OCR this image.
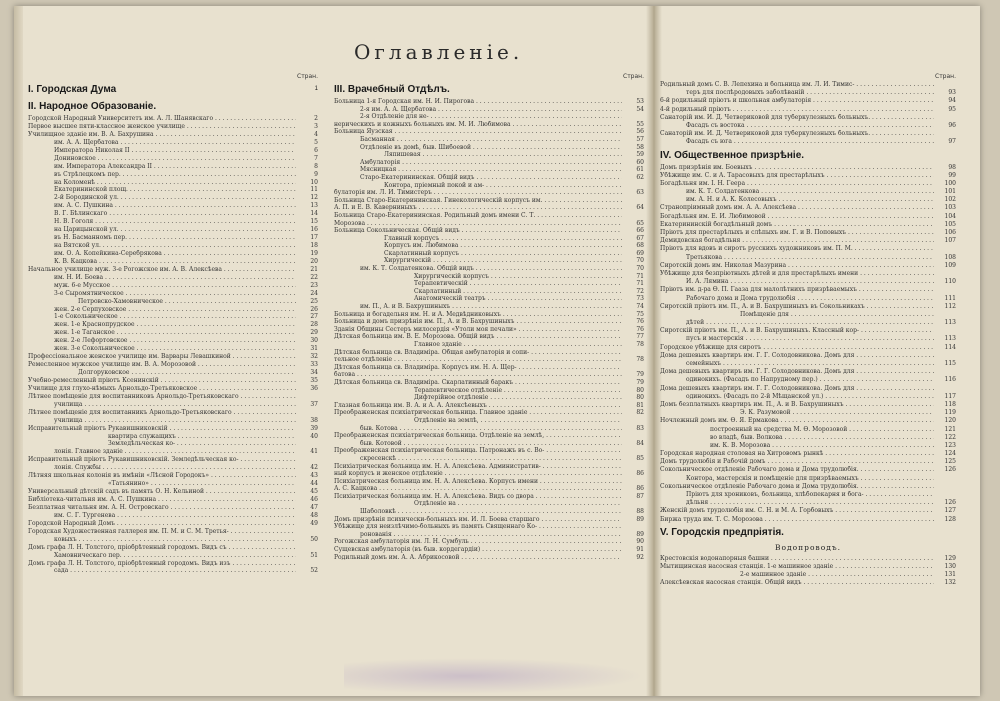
Оглавленіе.
Стран.
I. Городская Дума	1
II. Народное Образованіе.
Городской Народный Университетъ им. А. Л. Шанявскаго . . .	2
Первое высшее пяти-классное женское училище . . .	3
Училищное зданіе им. В. А. Бахрушина . . .	4
им. А. А. Щербатова . . .	5
Императора Николая II . . .	6
Дониновское . . .	7
им. Императора Александра II . . .	8
въ Стрѣлецкомъ пер. . . .	9
на Коломенѣ . . .	10
Екатерининской площ. . . .	11
2-й Бородинской ул. . . .	12
им. А. С. Пушкина . . .	13
В. Г. Бѣлинскаго . . .	14
Н. В. Гоголя . . .	15
на Царицынской ул. . . .	16
въ Н. Басманномъ пер. . . .	17
на Вятской ул. . . .	18
им. О. А. Копейкина-Серебрякова . . .	19
К. В. Кацкова . . .	20
Начальное училище муж. 3-е Рогожское им. А. В. Алексѣева . . .	21
им. Н. И. Боева . . .	22
муж. 6-е Мусское . . .	23
3-е Сыромятническое . . .	24
Петровско-Хамовническое . . .	25
жен. 2-е Серпуховское . . .	26
1-е Сокольническое . . .	27
жен. 1-е Краснопрудское . . .	28
жен. 1-е Таганское . . .	29
жен. 2-е Лефортовское . . .	30
жен. 3-е Сокольническое . . .	31
Профессіональное женское училище им. Варвары Левашкиной . . .	32
Ремесленное мужское училище им. В. А. Морозовой . . .	33
Долгоруковское . . .	34
Учебно-ремесленный пріютъ Ксенинскій . . .	35
Училище для глухо-нѣмыхъ Арнольдо-Третьяковское . . .	36
Лѣтнее помѣщеніе для воспитанниковъ Арнольдо-Третьяковскаго . . .
училища . . .	37
Лѣтнее помѣщеніе для воспитанникъ Арнольдо-Третьяковскаго . . .
училища . . .	38
Исправительный пріютъ Рукавишниковскій . . .	39
квартира служащихъ . . .	40
Земледѣльческая ко- . . .
лонія. Главное зданіе . . .	41
Исправительный пріютъ Рукавишниковскій. Земледѣльческая ко- . . .
лонія. Службы . . .	42
Лѣтняя школьная колонія въ имѣніи «Лѣсной Городокъ» . . .	43
«Татьянино» . . .	44
Универсальный дѣтскій садъ въ память О. Н. Кельиной . . .	45
Библіотека-читальня им. А. С. Пушкина . . .	46
Безплатная читальня им. А. Н. Островскаго . . .	47
им. С. Г. Тургенева . . .	48
Городской Народный Домъ . . .	49
Городская Художественная галлерея им. П. М. и С. М. Третья- . . .
ковыхъ . . .	50
Домъ графа Л. Н. Толстого, пріобрѣтенный городомъ. Видъ съ . . .
Хамовническаго пер. . . .	51
Домъ графа Л. Н. Толстого, пріобрѣтенный городомъ. Видъ изъ . . .
сада . . .	52
Стран.
III. Врачебный Отдѣлъ.
Больница 1-я Городская им. Н. И. Пирогова . . .	53
2-я им. А. А. Щербатова . . .	54
2-я Отдѣленіе для не- . . .
нерическихъ и кожныхъ больныхъ им. М. И. Любимова . . .	55
Больница Яузская . . .	56
Басманная . . .	57
Отдѣленіе въ домѣ, быв. Шибоевой . . .	58
Ляпишевая . . .	59
Амбулаторія . . .	60
Мясницкая . . .	61
Старо-Екатерининская. Общій видъ . . .	62
Контора, пріемный покой и ам- . . .
булаторія им. Л. И. Тимистеръ . . .	63
Больница Старо-Екатерининская. Гинекологическій корпусъ им. . . .
А. П. и Е. В. Каверниныхъ . . .	64
Больница Старо-Екатерининская. Родильный домъ имени С. Т. . . .
Морозова . . .	65
Больница Сокольническая. Общій видъ . . .	66
Главный корпусъ . . .	67
Корпусъ им. Любимова . . .	68
Скарлатинный корпусъ . . .	69
Хирургическій . . .	70
им. К. Т. Солдатенкова. Общій видъ . . .	70
Хирургическій корпусъ . . .	71
Терапевтическій . . .	71
Скарлатинный . . .	72
Анатомическій театръ . . .	73
им. П., А. и В. Бахрушиныхъ . . .	74
Больница и богадельня им. Н. и А. Медвѣдниковыхъ . . .	75
Больница и домъ призрѣнія им. П., А. и В. Бахрушиныхъ . . .	76
Зданія Общины Сестеръ милосердія «Утоли моя печали» . . .	76
Дѣтская больница им. В. Е. Морозова. Общій видъ . . .	77
Главное зданіе . . .	78
Дѣтская больница св. Владиміра. Общая амбулаторія и сопи- . . .
тельное отдѣленіе . . .	78
Дѣтская больница св. Владиміра. Корпусъ им. Н. А. Щер- . . .
батова . . .	79
Дѣтская больница св. Владиміра. Скарлатинный баракъ . . .	79
Терапевтическое отдѣленіе . . .	80
Дифтерійное отдѣленіе . . .	80
Глазная больница им. В. А. и А. А. Алексѣевыхъ . . .	81
Преображенская психіатрическая больница. Главное зданіе . . .	82
Отдѣленіе на землѣ, . . .
быв. Котова . . .	83
Преображенская психіатрическая больница. Отдѣленіе на землѣ, . . .
быв. Котовой . . .	84
Преображенская психіатрическая больница. Патронажъ въ с. Во- . . .
скресенскѣ . . .	85
Психіатрическая больница им. Н. А. Алексѣева. Административ- . . .
ный корпусъ и женское отдѣленіе . . .	86
Психіатрическая больница им. Н. А. Алексѣева. Корпусъ имени . . .
А. С. Кацкова . . .	86
Психіатрическая больница им. Н. А. Алексѣева. Видъ со двора . . .	87
Отдѣленіе на . . .
Шаболовкѣ . . .	88
Домъ призрѣнія психически-больныхъ им. И. Л. Боева старшаго . . .	89
Убѣжище для неизлѣчимо-больныхъ въ память Священнаго Ко- . . .
ронованія . . .	89
Рогожская амбулаторія им. Л. Н. Сумбуль . . .	90
Сущевская амбулаторія (въ быв. кордегардіи) . . .	91
Родильный домъ им. А. А. Абрикосовой . . .	92
Стран.
Родильный домъ С. В. Лепехина и больница им. Л. И. Тимис- . . .
теръ для послѣродовыхъ заболѣваній . . .	93
6-й родильный пріютъ и школьная амбулаторія . . .	94
4-й родильный пріютъ . . .	95
Санаторій им. И. Д. Четвериковой для туберкулезныхъ больныхъ. . . .
Фасадъ съ востока . . .	96
Санаторій им. И. Д. Четвериковой для туберкулезныхъ больныхъ. . . .
Фасадъ съ юга . . .	97
IV. Общественное призрѣніе.
Домъ призрѣнія им. Боевыхъ . . .	98
Убѣжище им. С. и А. Тарасовыхъ для престарѣлыхъ . . .	99
Богадѣльня им. I. Н. Геера . . .	100
им. К. Т. Солдатенкова . . .	101
им. А. Н. и А. К. Колесовыхъ . . .	102
Странопріимный домъ им. А. А. Алексѣева . . .	103
Богадѣльня им. Е. И. Любимовой . . .	104
Екатерининскій богадѣльный домъ . . .	105
Пріютъ для престарѣлыхъ и слѣпыхъ им. Г. и В. Поповыхъ . . .	106
Демидовская богадѣльня . . .	107
Пріютъ для вдовъ и сиротъ русскихъ художниковъ им. П. М. . . .
Третьякова . . .	108
Сиротскій домъ им. Николая Мазурина . . .	109
Убѣжище для безпріютныхъ дѣтей и для престарѣлыхъ имени . . .
И. А. Лямина . . .	110
Пріютъ им. д-ра Ѳ. П. Гааза для малолѣтнихъ призрѣваемыхъ . . .
Рабочаго дома и Дома трудолюбія . . .	111
Сиротскій пріютъ им. П., А. и В. Бахрушиныхъ въ Сокольникахъ . . .	112
Помѣщеніе для . . .
дѣтей . . .	113
Сиротскій пріютъ им. П., А. и В. Бахрушиныхъ. Классный кор- . . .
пусъ и мастерскія . . .	113
Городское убѣжище для сиротъ . . .	114
Дома дешевыхъ квартиръ им. Г. Г. Солодовникова. Домъ для . . .
семейныхъ . . .	115
Дома дешевыхъ квартиръ им. Г. Г. Солодовникова. Домъ для . . .
одинокихъ. (Фасадъ по Напрудному пер.) . . .	116
Дома дешевыхъ квартиръ им. Г. Г. Солодовникова. Домъ для . . .
одинокихъ. (Фасадъ по 2-й Мѣщанской ул.) . . .	117
Домъ безплатныхъ квартиръ им. П., А. и В. Бахрушиныхъ . . .	118
Э. К. Разумовой . . .	119
Ночлежный домъ им. Ѳ. Я. Ермакова . . .	120
построенный на средства М. Ѳ. Морозовой . . .	121
во владѣ, быв. Волкова . . .	122
им. К. В. Морозова . . .	123
Городская народная столовая на Хитровомъ рынкѣ . . .	124
Домъ трудолюбія и Рабочій домъ . . .	125
Сокольническое отдѣленіе Рабочаго дома и Дома трудолюбія. . . .	126
Контора, мастерскія и помѣщеніе для призрѣваемыхъ . . .
Сокольническое отдѣленіе Рабочаго дома и Дома трудолюбія. . . .
Пріютъ для хрониковъ, больница, хлѣбопекарня и бога- . . .
дѣльня . . .	126
Женскій домъ трудолюбія им. С. Н. и М. А. Горбовыхъ . . .	127
Биржа труда им. Т. С. Морозова . . .	128
V. Городскія предпріятія.
Водопроводъ.
Крестовскія водонапорныя башни . . .	129
Мытищинская насосная станція. 1-е машинное зданіе . . .	130
2-е машинное зданіе . . .	131
Алексѣевская насосная станція. Общій видъ . . .	132
